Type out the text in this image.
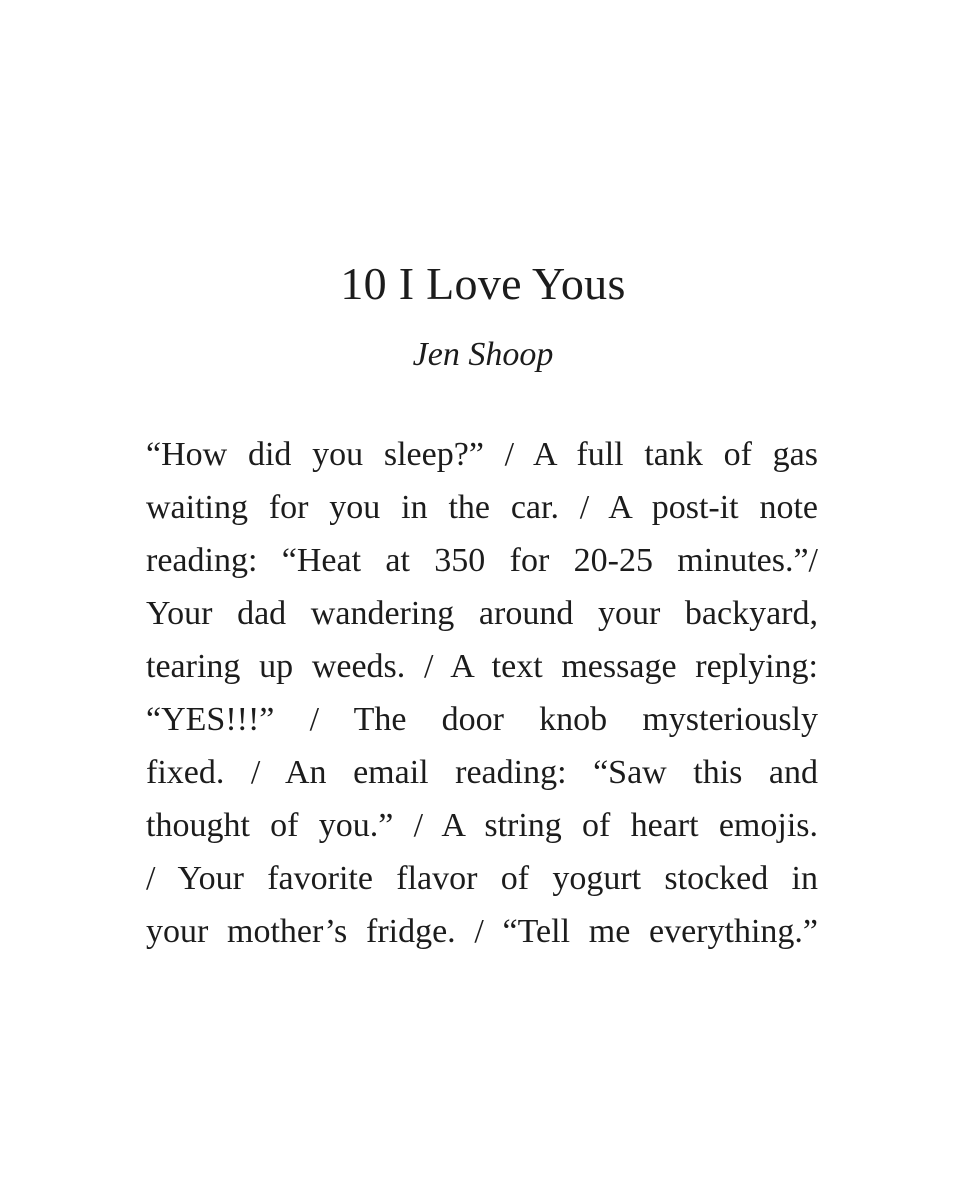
10 I Love Yous

Jen Shoop

“How did you sleep?” / A full tank of gas
waiting for you in the car. / A post-it note
reading: “Heat at 350 for 20-25 minutes.”/
Your dad wandering around your backyard,
tearing up weeds. / A text message replying:
“YES!!!” / The door knob mysteriously
fixed. / An email reading: “Saw this and
thought of you.” / A string of heart emojis.
/ Your favorite flavor of yogurt stocked in
your mother’s fridge. / “Tell me everything.”
